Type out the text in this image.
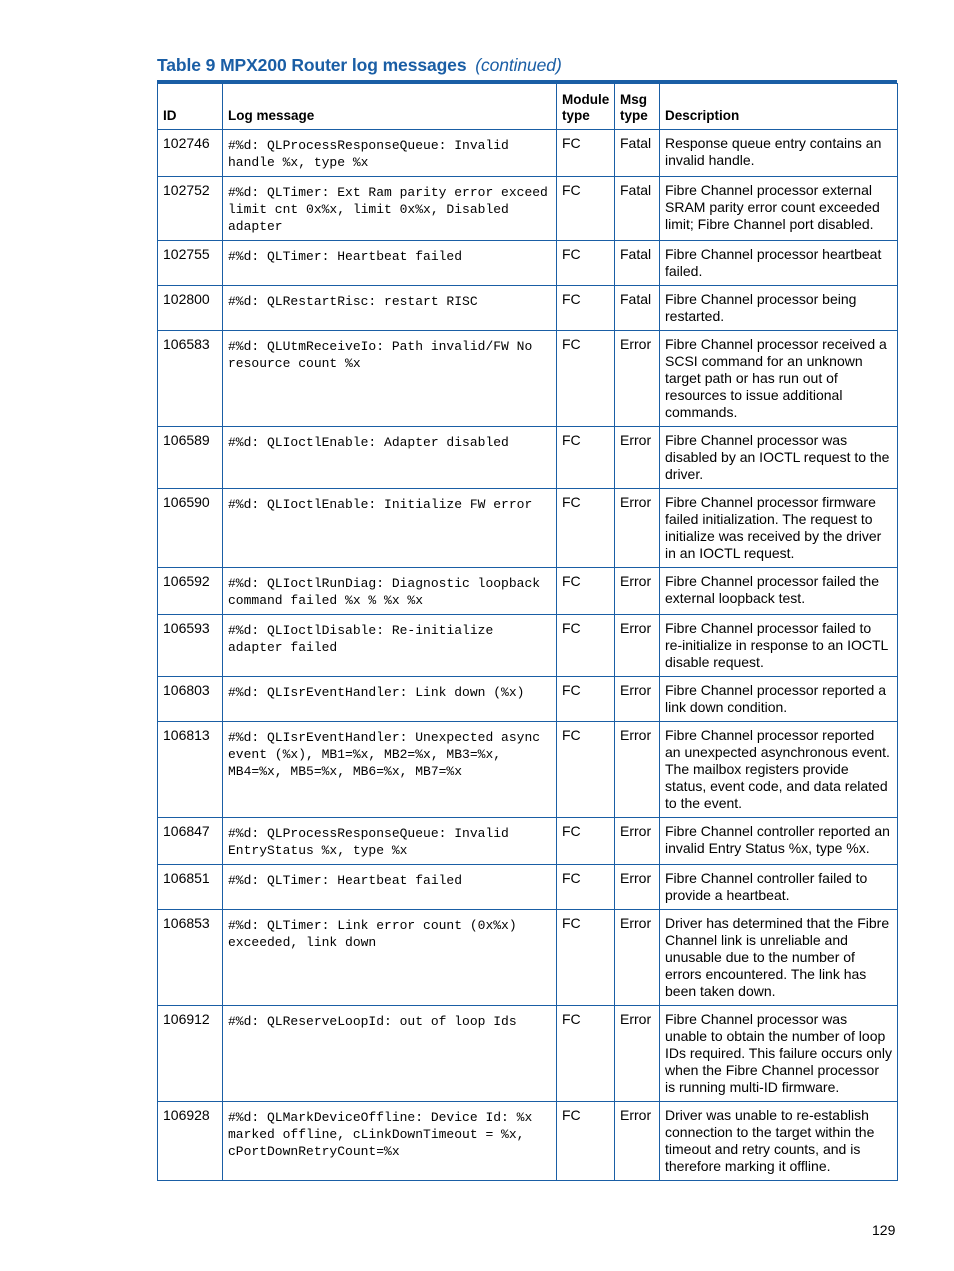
Table 9 MPX200 Router log messages (continued)
ID	Log message	Module type	Msg type	Description
102746	#%d: QLProcessResponseQueue: Invalid handle %x, type %x	FC	Fatal	Response queue entry contains an invalid handle.
102752	#%d: QLTimer: Ext Ram parity error exceed limit cnt 0x%x, limit 0x%x, Disabled adapter	FC	Fatal	Fibre Channel processor external SRAM parity error count exceeded limit; Fibre Channel port disabled.
102755	#%d: QLTimer: Heartbeat failed	FC	Fatal	Fibre Channel processor heartbeat failed.
102800	#%d: QLRestartRisc: restart RISC	FC	Fatal	Fibre Channel processor being restarted.
106583	#%d: QLUtmReceiveIo: Path invalid/FW No resource count %x	FC	Error	Fibre Channel processor received a SCSI command for an unknown target path or has run out of resources to issue additional commands.
106589	#%d: QLIoctlEnable: Adapter disabled	FC	Error	Fibre Channel processor was disabled by an IOCTL request to the driver.
106590	#%d: QLIoctlEnable: Initialize FW error	FC	Error	Fibre Channel processor firmware failed initialization. The request to initialize was received by the driver in an IOCTL request.
106592	#%d: QLIoctlRunDiag: Diagnostic loopback command failed %x % %x %x	FC	Error	Fibre Channel processor failed the external loopback test.
106593	#%d: QLIoctlDisable: Re-initialize adapter failed	FC	Error	Fibre Channel processor failed to re-initialize in response to an IOCTL disable request.
106803	#%d: QLIsrEventHandler: Link down (%x)	FC	Error	Fibre Channel processor reported a link down condition.
106813	#%d: QLIsrEventHandler: Unexpected async event (%x), MB1=%x, MB2=%x, MB3=%x, MB4=%x, MB5=%x, MB6=%x, MB7=%x	FC	Error	Fibre Channel processor reported an unexpected asynchronous event. The mailbox registers provide status, event code, and data related to the event.
106847	#%d: QLProcessResponseQueue: Invalid EntryStatus %x, type %x	FC	Error	Fibre Channel controller reported an invalid Entry Status %x, type %x.
106851	#%d: QLTimer: Heartbeat failed	FC	Error	Fibre Channel controller failed to provide a heartbeat.
106853	#%d: QLTimer: Link error count (0x%x) exceeded, link down	FC	Error	Driver has determined that the Fibre Channel link is unreliable and unusable due to the number of errors encountered. The link has been taken down.
106912	#%d: QLReserveLoopId: out of loop Ids	FC	Error	Fibre Channel processor was unable to obtain the number of loop IDs required. This failure occurs only when the Fibre Channel processor is running multi-ID firmware.
106928	#%d: QLMarkDeviceOffline: Device Id: %x marked offline, cLinkDownTimeout = %x, cPortDownRetryCount=%x	FC	Error	Driver was unable to re-establish connection to the target within the timeout and retry counts, and is therefore marking it offline.
129
